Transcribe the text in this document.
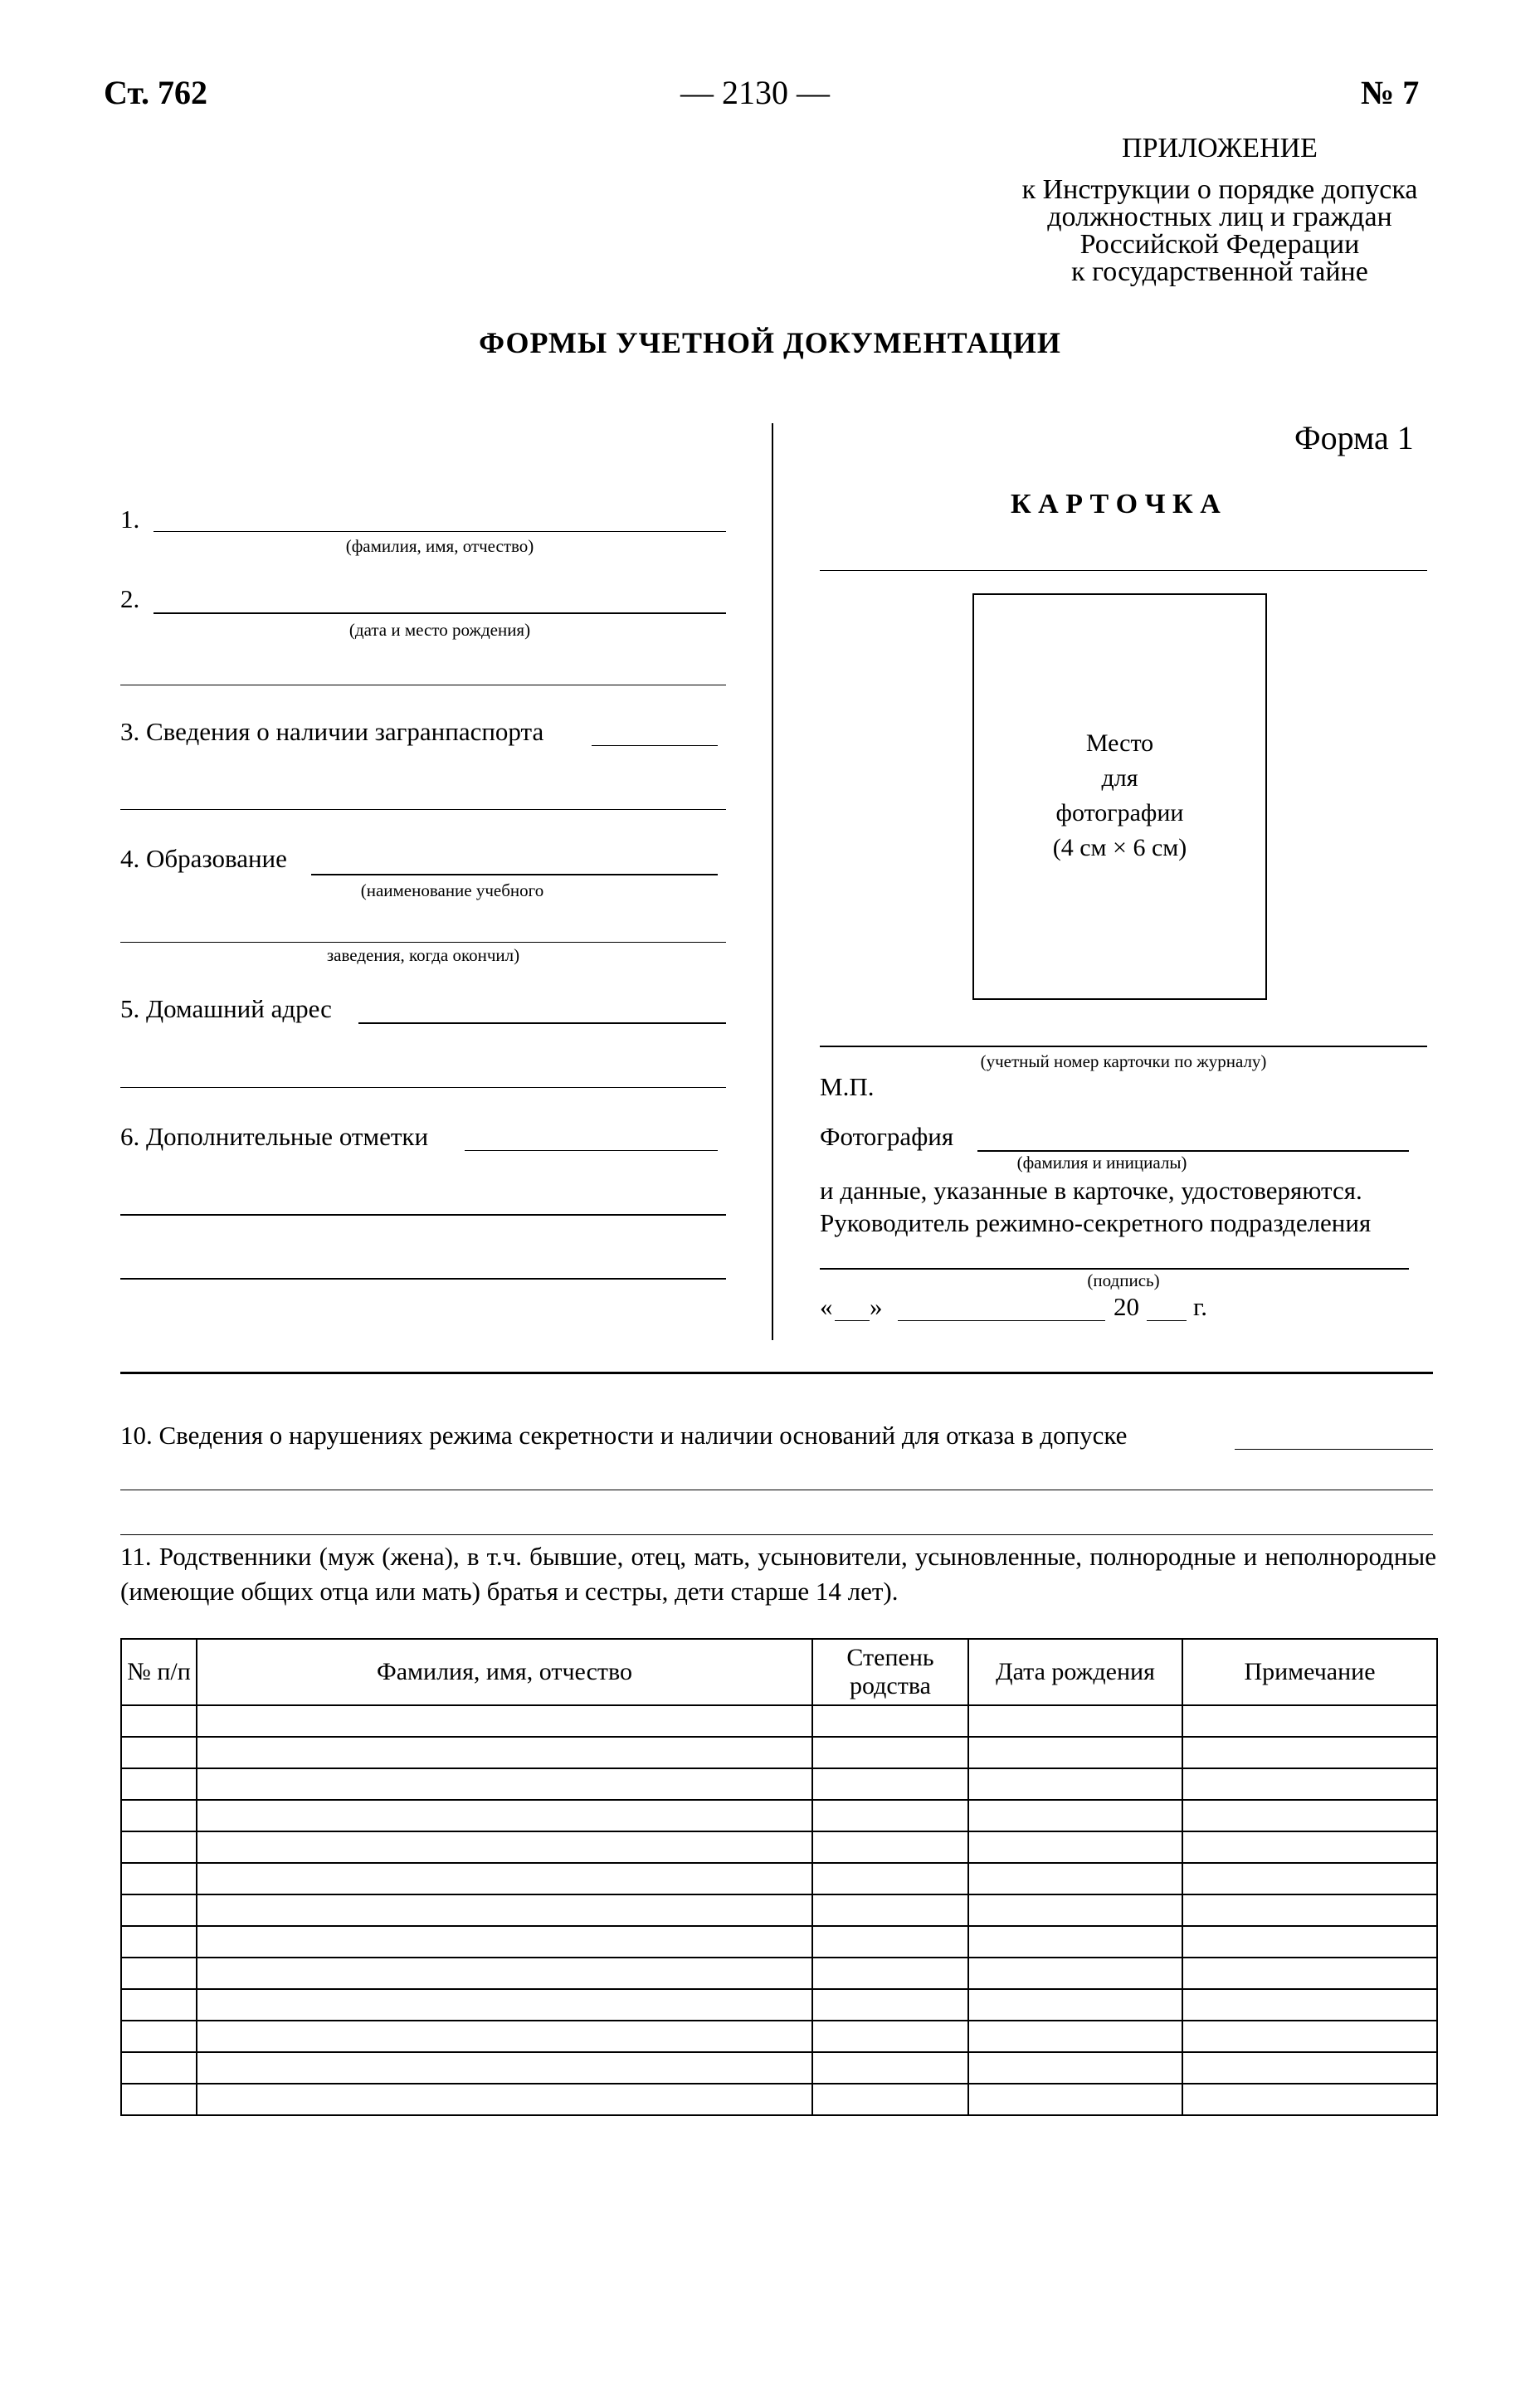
Ст. 762	— 2130 —	№ 7
ПРИЛОЖЕНИЕ
к Инструкции о порядке допуска
должностных лиц и граждан
Российской Федерации
к государственной тайне
ФОРМЫ УЧЕТНОЙ ДОКУМЕНТАЦИИ
1.
(фамилия, имя, отчество)
2.
(дата и место рождения)
3. Сведения о наличии загранпаспорта
4. Образование
(наименование учебного
заведения, когда окончил)
5. Домашний адрес
6. Дополнительные отметки
Форма 1
К А Р Т О Ч К А
Место
для
фотографии
(4 см × 6 см)
(учетный номер карточки по журналу)
М.П.
Фотография
(фамилия и инициалы)
и данные, указанные в карточке, удостоверяются.
Руководитель режимно-секретного подразделения
(подпись)
« »	20 г.
10. Сведения о нарушениях режима секретности и наличии оснований для отказа в допуске
11. Родственники (муж (жена), в т.ч. бывшие, отец, мать, усыновители, усыновленные, полнородные и неполнородные (имеющие общих отца или мать) братья и сестры, дети старше 14 лет).
№ п/п	Фамилия, имя, отчество	Степень родства	Дата рождения	Примечание
